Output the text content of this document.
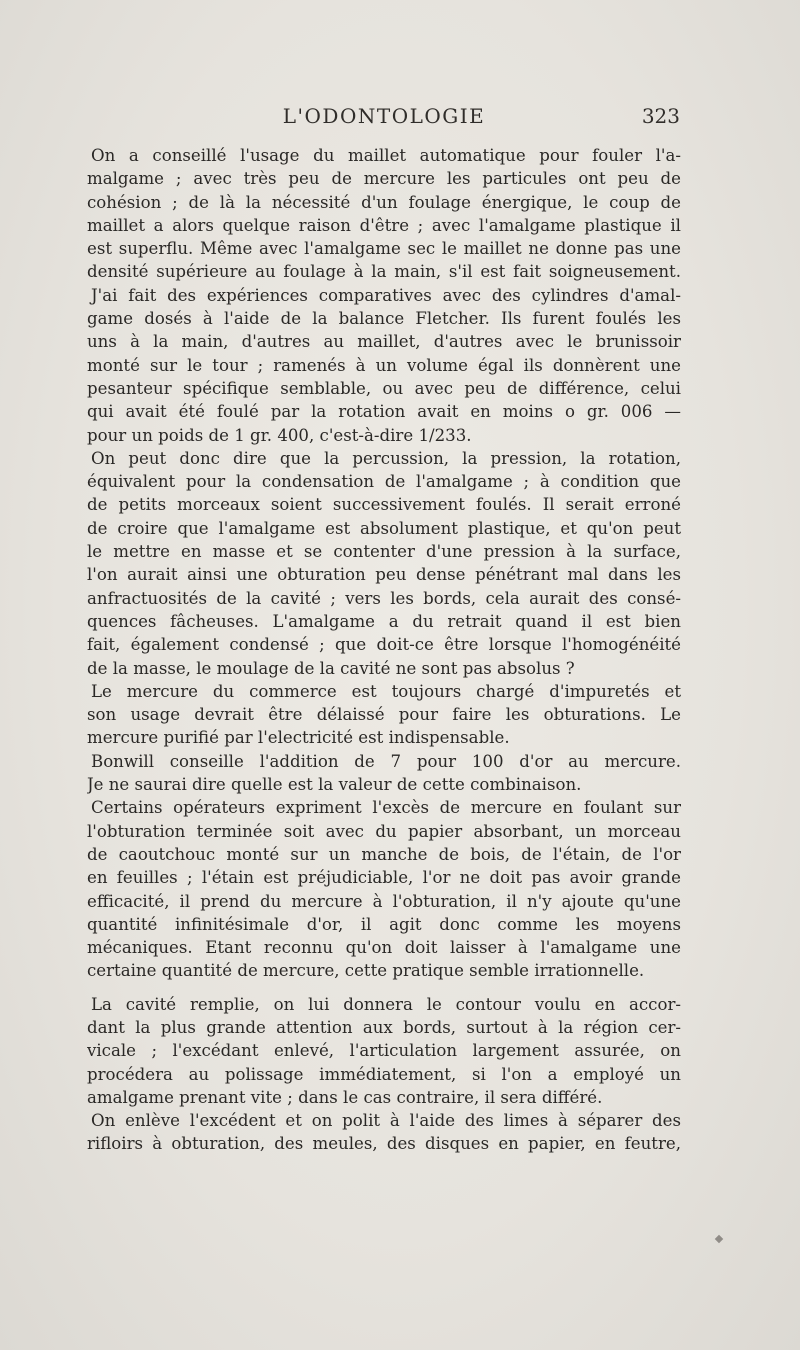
L'ODONTOLOGIE	323
On a conseillé l'usage du maillet automatique pour fouler l'a-
malgame ; avec très peu de mercure les particules ont peu de
cohésion ; de là la nécessité d'un foulage énergique, le coup de
maillet a alors quelque raison d'être ; avec l'amalgame plastique il
est superflu. Même avec l'amalgame sec le maillet ne donne pas une
densité supérieure au foulage à la main, s'il est fait soigneusement.
J'ai fait des expériences comparatives avec des cylindres d'amal-
game dosés à l'aide de la balance Fletcher. Ils furent foulés les
uns à la main, d'autres au maillet, d'autres avec le brunissoir
monté sur le tour ; ramenés à un volume égal ils donnèrent une
pesanteur spécifique semblable, ou avec peu de différence, celui
qui avait été foulé par la rotation avait en moins o gr. 006 —
pour un poids de 1 gr. 400, c'est-à-dire 1/233.
On peut donc dire que la percussion, la pression, la rotation,
équivalent pour la condensation de l'amalgame ; à condition que
de petits morceaux soient successivement foulés. Il serait erroné
de croire que l'amalgame est absolument plastique, et qu'on peut
le mettre en masse et se contenter d'une pression à la surface,
l'on aurait ainsi une obturation peu dense pénétrant mal dans les
anfractuosités de la cavité ; vers les bords, cela aurait des consé-
quences fâcheuses. L'amalgame a du retrait quand il est bien
fait, également condensé ; que doit-ce être lorsque l'homogénéité
de la masse, le moulage de la cavité ne sont pas absolus ?
Le mercure du commerce est toujours chargé d'impuretés et
son usage devrait être délaissé pour faire les obturations. Le
mercure purifié par l'electricité est indispensable.
Bonwill conseille l'addition de 7 pour 100 d'or au mercure.
Je ne saurai dire quelle est la valeur de cette combinaison.
Certains opérateurs expriment l'excès de mercure en foulant sur
l'obturation terminée soit avec du papier absorbant, un morceau
de caoutchouc monté sur un manche de bois, de l'étain, de l'or
en feuilles ; l'étain est préjudiciable, l'or ne doit pas avoir grande
efficacité, il prend du mercure à l'obturation, il n'y ajoute qu'une
quantité infinitésimale d'or, il agit donc comme les moyens
mécaniques. Etant reconnu qu'on doit laisser à l'amalgame une
certaine quantité de mercure, cette pratique semble irrationnelle.
La cavité remplie, on lui donnera le contour voulu en accor-
dant la plus grande attention aux bords, surtout à la région cer-
vicale ; l'excédant enlevé, l'articulation largement assurée, on
procédera au polissage immédiatement, si l'on a employé un
amalgame prenant vite ; dans le cas contraire, il sera différé.
On enlève l'excédent et on polit à l'aide des limes à séparer des
rifloirs à obturation, des meules, des disques en papier, en feutre,
